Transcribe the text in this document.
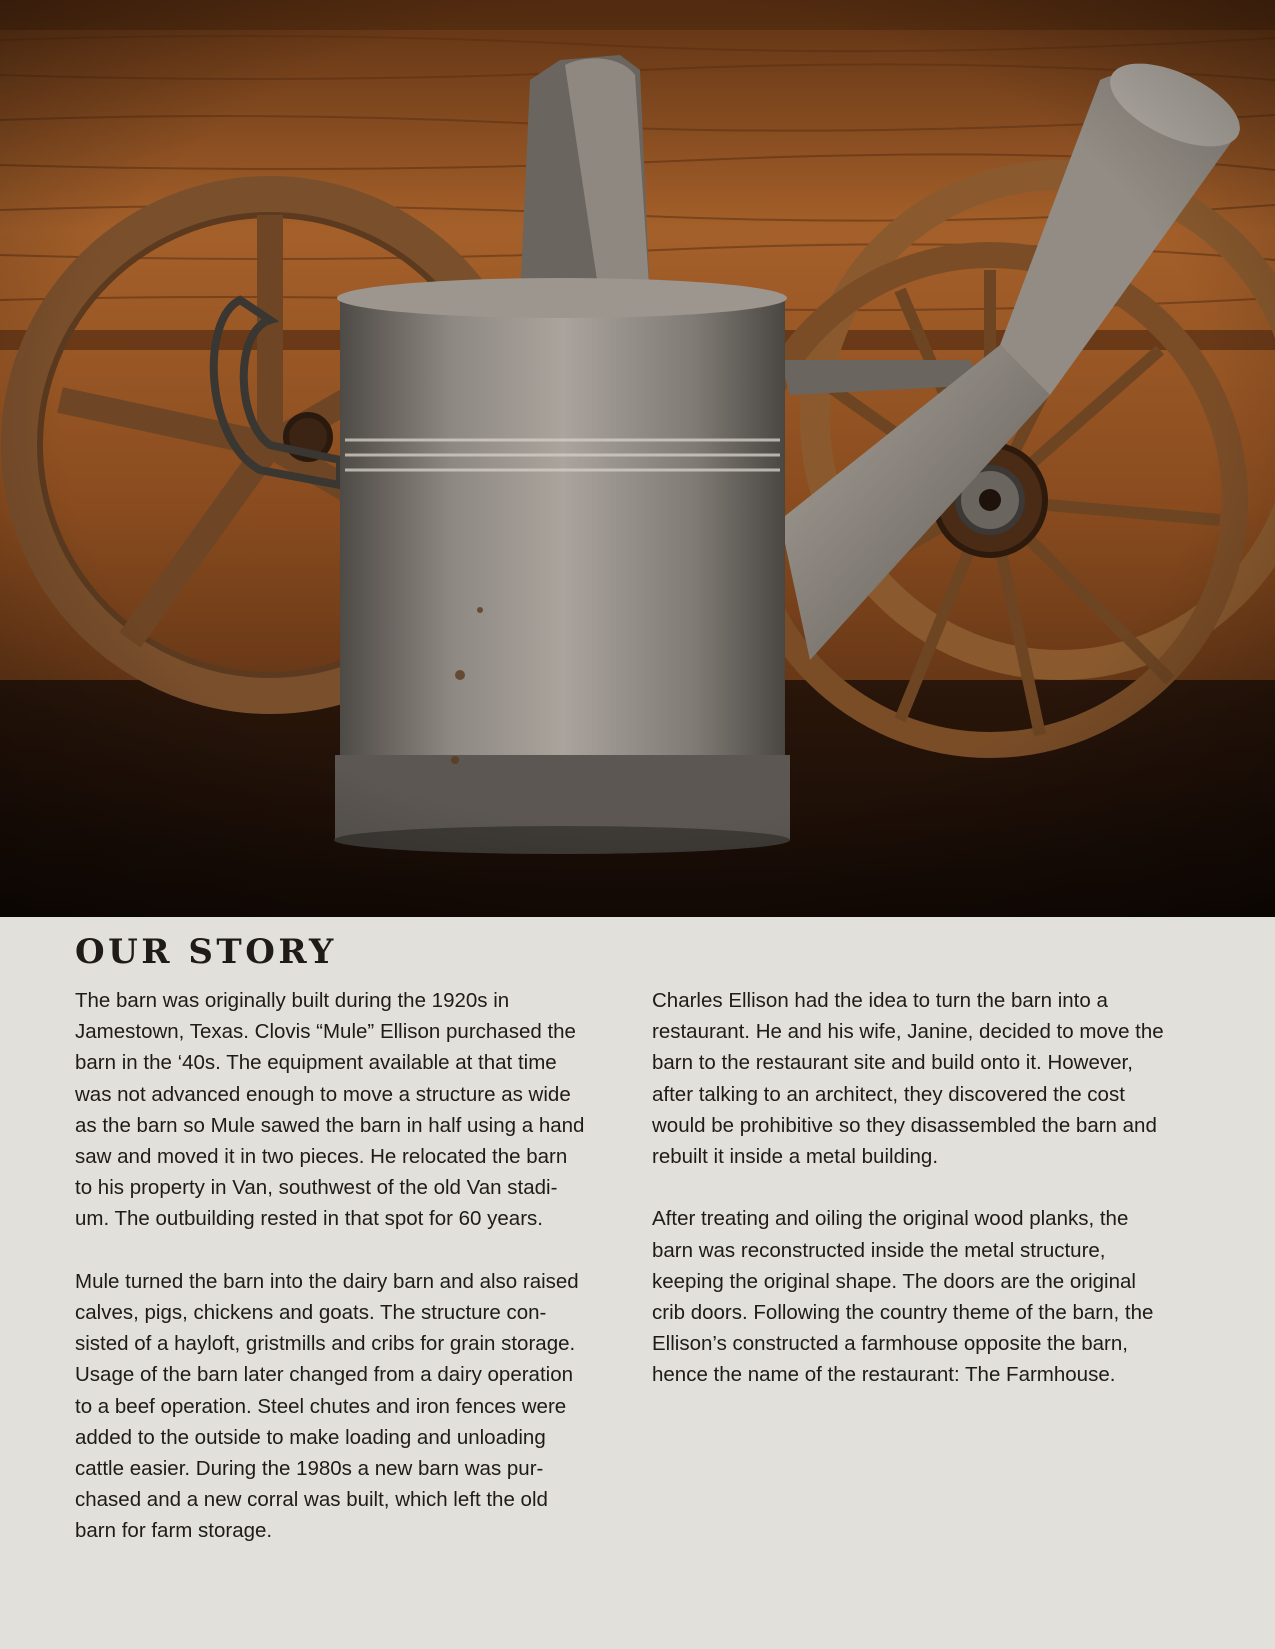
OUR STORY

The barn was originally built during the 1920s in
Jamestown, Texas. Clovis “Mule” Ellison purchased the
barn in the ‘40s. The equipment available at that time
was not advanced enough to move a structure as wide
as the barn so Mule sawed the barn in half using a hand
saw and moved it in two pieces. He relocated the barn
to his property in Van, southwest of the old Van stadi-
um. The outbuilding rested in that spot for 60 years.

Mule turned the barn into the dairy barn and also raised
calves, pigs, chickens and goats. The structure con-
sisted of a hayloft, gristmills and cribs for grain storage.
Usage of the barn later changed from a dairy operation
to a beef operation. Steel chutes and iron fences were
added to the outside to make loading and unloading
cattle easier. During the 1980s a new barn was pur-
chased and a new corral was built, which left the old
barn for farm storage.

Charles Ellison had the idea to turn the barn into a
restaurant. He and his wife, Janine, decided to move the
barn to the restaurant site and build onto it. However,
after talking to an architect, they discovered the cost
would be prohibitive so they disassembled the barn and
rebuilt it inside a metal building.

After treating and oiling the original wood planks, the
barn was reconstructed inside the metal structure,
keeping the original shape. The doors are the original
crib doors. Following the country theme of the barn, the
Ellison’s constructed a farmhouse opposite the barn,
hence the name of the restaurant: The Farmhouse.
